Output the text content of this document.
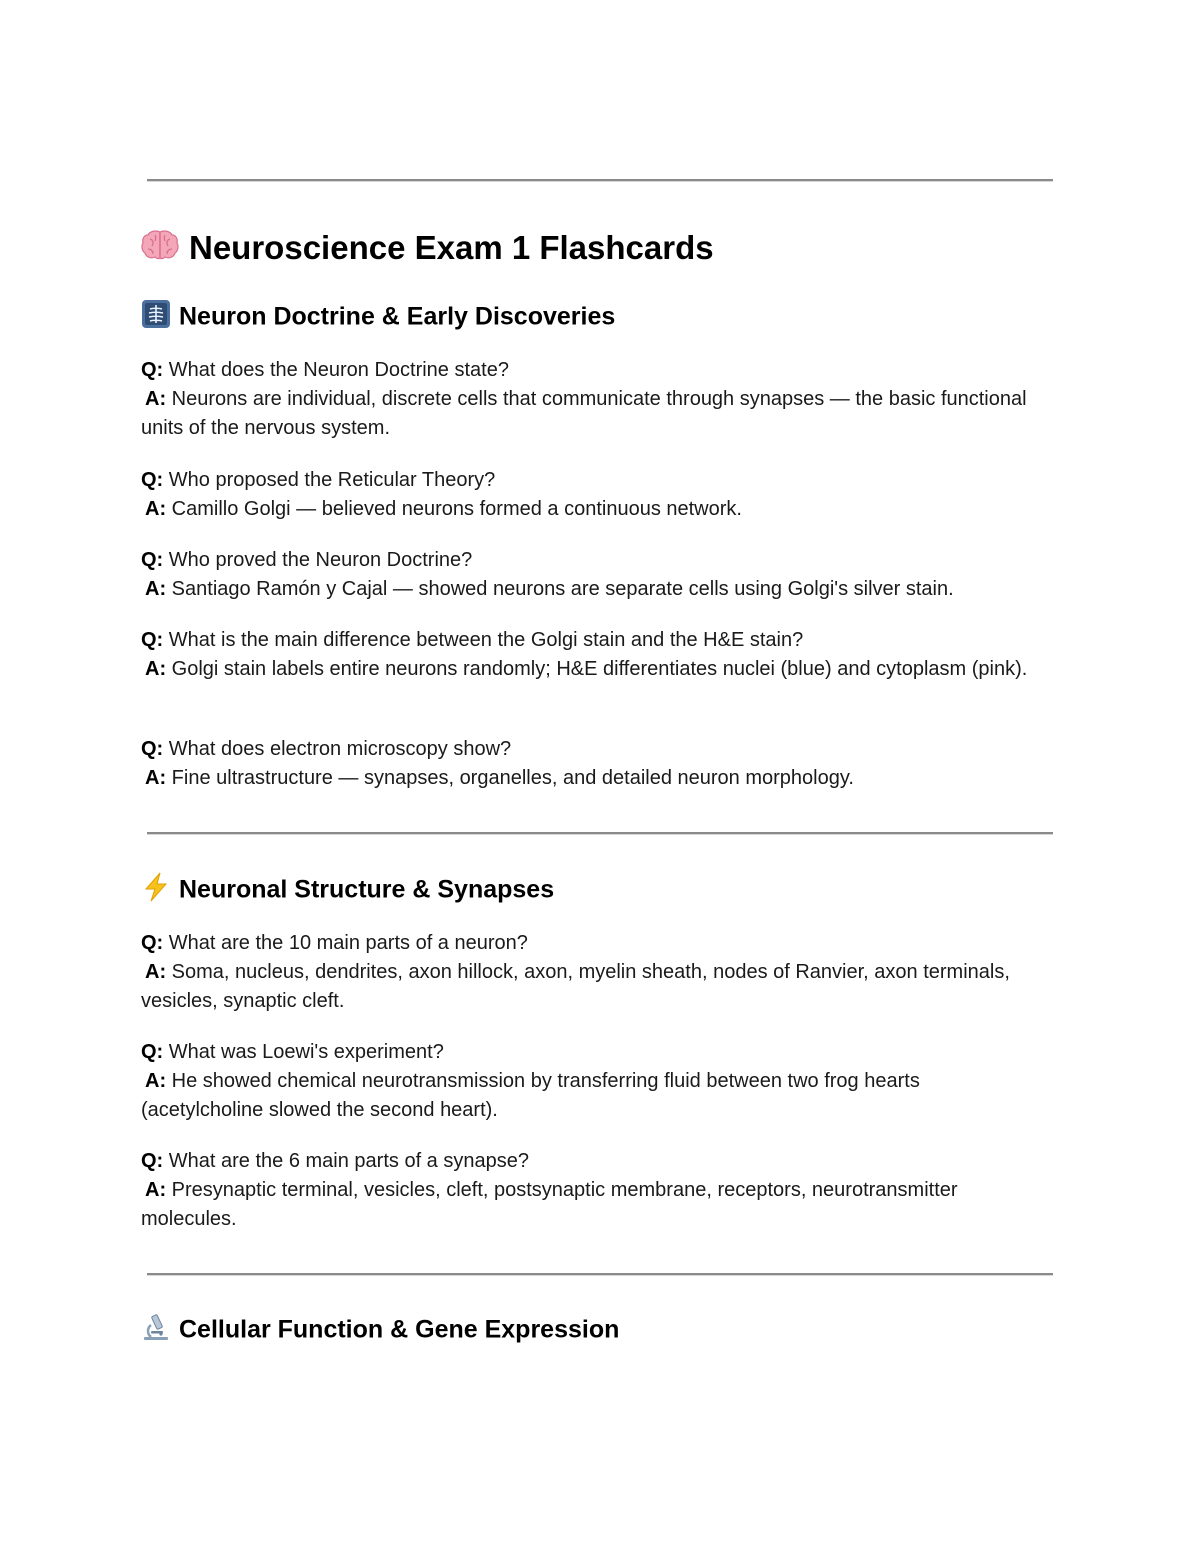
Neuroscience Exam 1 Flashcards
Neuron Doctrine & Early Discoveries

Q: What does the Neuron Doctrine state?

A: Neurons are individual, discrete cells that communicate through synapses — the basic functional units of the nervous system.

Q: Who proposed the Reticular Theory?

A: Camillo Golgi — believed neurons formed a continuous network.

Q: Who proved the Neuron Doctrine?

A: Santiago Ramón y Cajal — showed neurons are separate cells using Golgi's silver stain.

Q: What is the main difference between the Golgi stain and the H&E stain?

A: Golgi stain labels entire neurons randomly; H&E differentiates nuclei (blue) and cytoplasm (pink).

Q: What does electron microscopy show?

A: Fine ultrastructure — synapses, organelles, and detailed neuron morphology.

Neuronal Structure & Synapses

Q: What are the 10 main parts of a neuron?

A: Soma, nucleus, dendrites, axon hillock, axon, myelin sheath, nodes of Ranvier, axon terminals, vesicles, synaptic cleft.

Q: What was Loewi's experiment?

A: He showed chemical neurotransmission by transferring fluid between two frog hearts (acetylcholine slowed the second heart).

Q: What are the 6 main parts of a synapse?

A: Presynaptic terminal, vesicles, cleft, postsynaptic membrane, receptors, neurotransmitter molecules.

Cellular Function & Gene Expression
